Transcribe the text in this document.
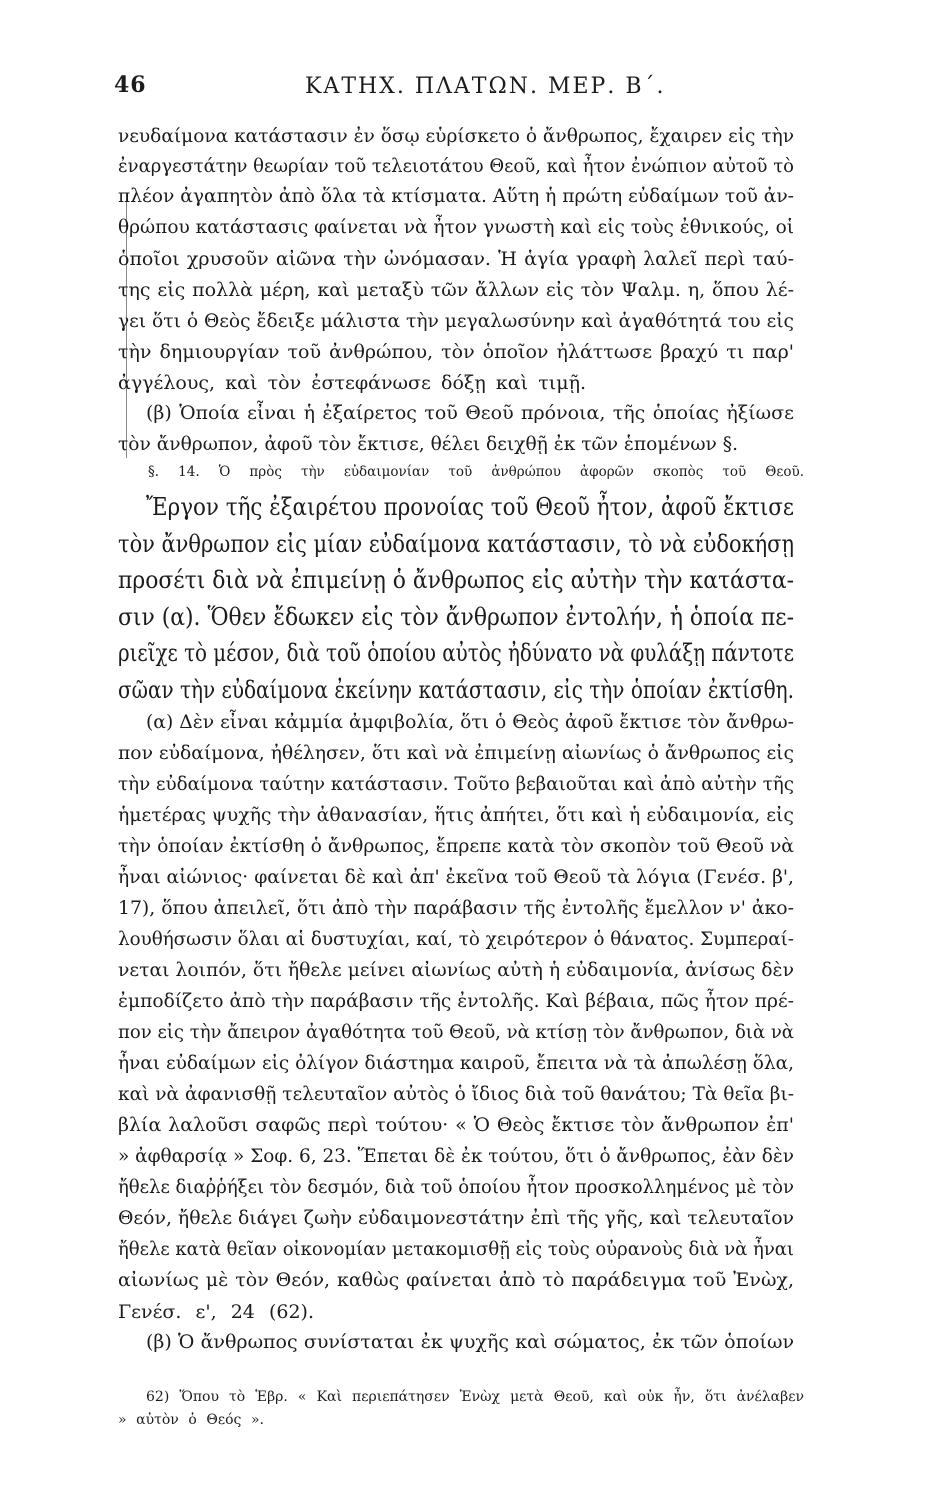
46	ΚΑΤΗΧ. ΠΛΑΤΩΝ. ΜΕΡ. Β΄.
νευδαίμονα κατάστασιν ἐν ὅσῳ εὑρίσκετο ὁ ἄνθρωπος, ἔχαιρεν εἰς τὴν
ἐναργεστάτην θεωρίαν τοῦ τελειοτάτου Θεοῦ, καὶ ἦτον ἐνώπιον αὐτοῦ τὸ
πλέον ἀγαπητὸν ἀπὸ ὅλα τὰ κτίσματα. Αὕτη ἡ πρώτη εὐδαίμων τοῦ ἀν-
θρώπου κατάστασις φαίνεται νὰ ἦτον γνωστὴ καὶ εἰς τοὺς ἐθνικούς, οἱ
ὁποῖοι χρυσοῦν αἰῶνα τὴν ὠνόμασαν. Ἡ ἁγία γραφὴ λαλεῖ περὶ ταύ-
της εἰς πολλὰ μέρη, καὶ μεταξὺ τῶν ἄλλων εἰς τὸν Ψαλμ. η, ὅπου λέ-
γει ὅτι ὁ Θεὸς ἔδειξε μάλιστα τὴν μεγαλωσύνην καὶ ἀγαθότητά του εἰς
τὴν δημιουργίαν τοῦ ἀνθρώπου, τὸν ὁποῖον ἠλάττωσε βραχύ τι παρ'
ἀγγέλους, καὶ τὸν ἐστεφάνωσε δόξῃ καὶ τιμῇ.
(β) Ὁποία εἶναι ἡ ἐξαίρετος τοῦ Θεοῦ πρόνοια, τῆς ὁποίας ἠξίωσε
τὸν ἄνθρωπον, ἀφοῦ τὸν ἔκτισε, θέλει δειχθῇ ἐκ τῶν ἑπομένων §.
§. 14. Ὁ πρὸς τὴν εὐδαιμονίαν τοῦ ἀνθρώπου ἀφορῶν σκοπὸς τοῦ Θεοῦ.
Ἔργον τῆς ἐξαιρέτου προνοίας τοῦ Θεοῦ ἦτον, ἀφοῦ ἔκτισε
τὸν ἄνθρωπον εἰς μίαν εὐδαίμονα κατάστασιν, τὸ νὰ εὐδοκήσῃ
προσέτι διὰ νὰ ἐπιμείνῃ ὁ ἄνθρωπος εἰς αὐτὴν τὴν κατάστα-
σιν (α). Ὅθεν ἔδωκεν εἰς τὸν ἄνθρωπον ἐντολήν, ἡ ὁποία πε-
ριεῖχε τὸ μέσον, διὰ τοῦ ὁποίου αὐτὸς ἠδύνατο νὰ φυλάξῃ πάντοτε
σῶαν τὴν εὐδαίμονα ἐκείνην κατάστασιν, εἰς τὴν ὁποίαν ἐκτίσθη.
(α) Δὲν εἶναι κἀμμία ἀμφιβολία, ὅτι ὁ Θεὸς ἀφοῦ ἔκτισε τὸν ἄνθρω-
πον εὐδαίμονα, ἠθέλησεν, ὅτι καὶ νὰ ἐπιμείνῃ αἰωνίως ὁ ἄνθρωπος εἰς
τὴν εὐδαίμονα ταύτην κατάστασιν. Τοῦτο βεβαιοῦται καὶ ἀπὸ αὐτὴν τῆς
ἡμετέρας ψυχῆς τὴν ἀθανασίαν, ἥτις ἀπήτει, ὅτι καὶ ἡ εὐδαιμονία, εἰς
τὴν ὁποίαν ἐκτίσθη ὁ ἄνθρωπος, ἔπρεπε κατὰ τὸν σκοπὸν τοῦ Θεοῦ νὰ
ἦναι αἰώνιος· φαίνεται δὲ καὶ ἀπ' ἐκεῖνα τοῦ Θεοῦ τὰ λόγια (Γενέσ. β',
17), ὅπου ἀπειλεῖ, ὅτι ἀπὸ τὴν παράβασιν τῆς ἐντολῆς ἔμελλον ν' ἀκο-
λουθήσωσιν ὅλαι αἱ δυστυχίαι, καί, τὸ χειρότερον ὁ θάνατος. Συμπεραί-
νεται λοιπόν, ὅτι ἤθελε μείνει αἰωνίως αὐτὴ ἡ εὐδαιμονία, ἀνίσως δὲν
ἐμποδίζετο ἀπὸ τὴν παράβασιν τῆς ἐντολῆς. Καὶ βέβαια, πῶς ἦτον πρέ-
πον εἰς τὴν ἄπειρον ἀγαθότητα τοῦ Θεοῦ, νὰ κτίσῃ τὸν ἄνθρωπον, διὰ νὰ
ἦναι εὐδαίμων εἰς ὀλίγον διάστημα καιροῦ, ἔπειτα νὰ τὰ ἀπωλέσῃ ὅλα,
καὶ νὰ ἀφανισθῇ τελευταῖον αὐτὸς ὁ ἴδιος διὰ τοῦ θανάτου; Τὰ θεῖα βι-
βλία λαλοῦσι σαφῶς περὶ τούτου· « Ὁ Θεὸς ἔκτισε τὸν ἄνθρωπον ἐπ'
» ἀφθαρσίᾳ » Σοφ. 6, 23. Ἕπεται δὲ ἐκ τούτου, ὅτι ὁ ἄνθρωπος, ἐὰν δὲν
ἤθελε διαῤῥήξει τὸν δεσμόν, διὰ τοῦ ὁποίου ἦτον προσκολλημένος μὲ τὸν
Θεόν, ἤθελε διάγει ζωὴν εὐδαιμονεστάτην ἐπὶ τῆς γῆς, καὶ τελευταῖον
ἤθελε κατὰ θεῖαν οἰκονομίαν μετακομισθῇ εἰς τοὺς οὐρανοὺς διὰ νὰ ἦναι
αἰωνίως μὲ τὸν Θεόν, καθὼς φαίνεται ἀπὸ τὸ παράδειγμα τοῦ Ἐνὼχ,
Γενέσ. ε', 24 (62).
(β) Ὁ ἄνθρωπος συνίσταται ἐκ ψυχῆς καὶ σώματος, ἐκ τῶν ὁποίων
62) Ὅπου τὸ Ἑβρ. « Καὶ περιεπάτησεν Ἐνὼχ μετὰ Θεοῦ, καὶ οὐκ ἦν, ὅτι ἀνέλαβεν
» αὐτὸν ὁ Θεός ».
